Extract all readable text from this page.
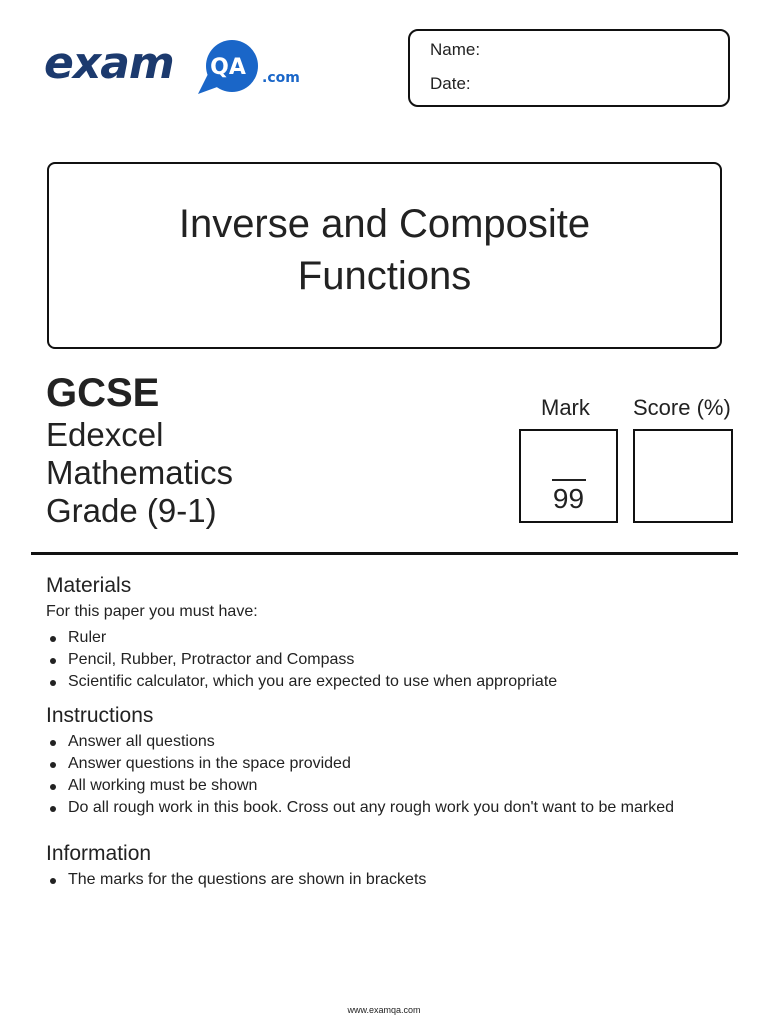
exam	QA	.com
Name:
Date:
Inverse and Composite
Functions
GCSE
Edexcel
Mathematics
Grade (9-1)
Mark Score (%)
99
Materials
For this paper you must have:
Ruler
Pencil, Rubber, Protractor and Compass
Scientific calculator, which you are expected to use when appropriate
Instructions
Answer all questions
Answer questions in the space provided
All working must be shown
Do all rough work in this book. Cross out any rough work you don't want to be marked
Information
The marks for the questions are shown in brackets
www.examqa.com
